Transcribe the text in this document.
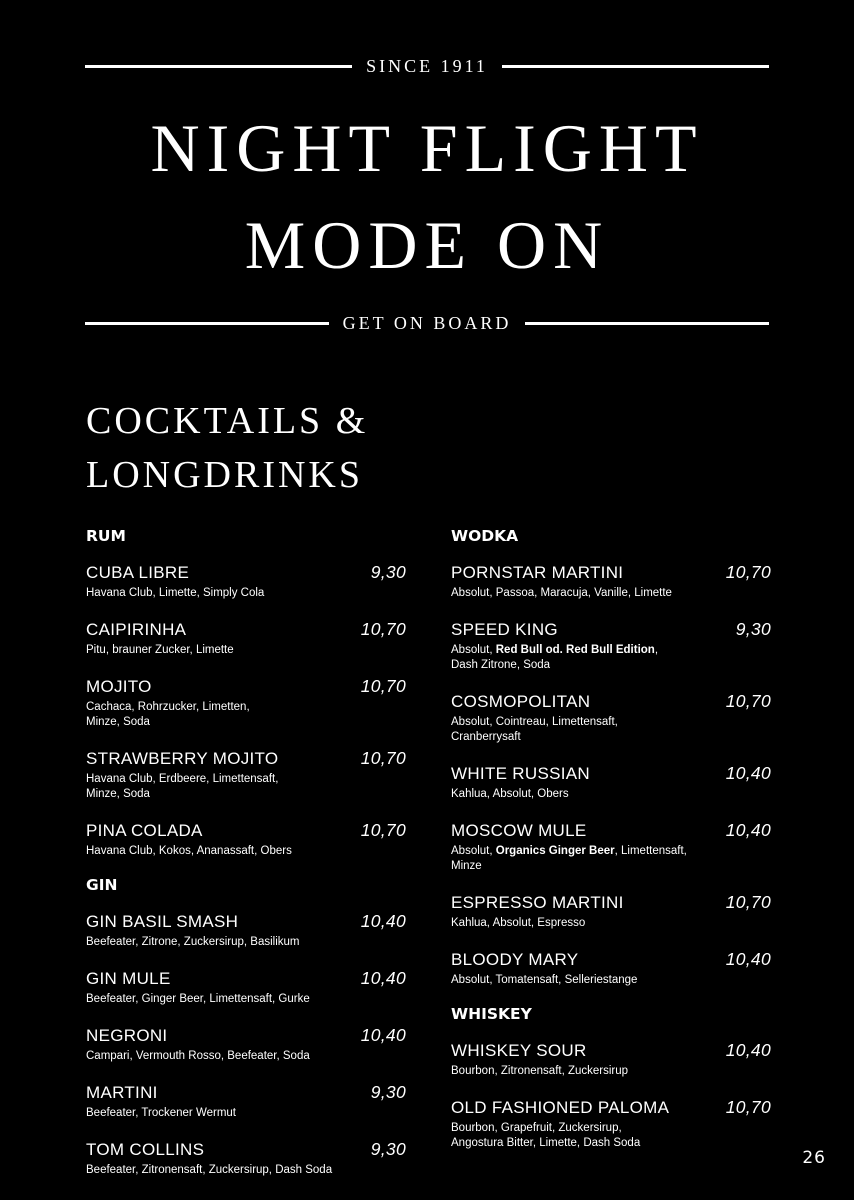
SINCE 1911
NIGHT FLIGHT
MODE ON
GET ON BOARD
COCKTAILS &
LONGDRINKS
RUM
CUBA LIBRE	9,30
Havana Club, Limette, Simply Cola
CAIPIRINHA	10,70
Pitu, brauner Zucker, Limette
MOJITO	10,70
Cachaca, Rohrzucker, Limetten,
Minze, Soda
STRAWBERRY MOJITO	10,70
Havana Club, Erdbeere, Limettensaft,
Minze, Soda
PINA COLADA	10,70
Havana Club, Kokos, Ananassaft, Obers
GIN
GIN BASIL SMASH	10,40
Beefeater, Zitrone, Zuckersirup, Basilikum
GIN MULE	10,40
Beefeater, Ginger Beer, Limettensaft, Gurke
NEGRONI	10,40
Campari, Vermouth Rosso, Beefeater, Soda
MARTINI	9,30
Beefeater, Trockener Wermut
TOM COLLINS	9,30
Beefeater, Zitronensaft, Zuckersirup, Dash Soda
WODKA
PORNSTAR MARTINI	10,70
Absolut, Passoa, Maracuja, Vanille, Limette
SPEED KING	9,30
Absolut, Red Bull od. Red Bull Edition,
Dash Zitrone, Soda
COSMOPOLITAN	10,70
Absolut, Cointreau, Limettensaft,
Cranberrysaft
WHITE RUSSIAN	10,40
Kahlua, Absolut, Obers
MOSCOW MULE	10,40
Absolut, Organics Ginger Beer, Limettensaft,
Minze
ESPRESSO MARTINI	10,70
Kahlua, Absolut, Espresso
BLOODY MARY	10,40
Absolut, Tomatensaft, Selleriestange
WHISKEY
WHISKEY SOUR	10,40
Bourbon, Zitronensaft, Zuckersirup
OLD FASHIONED PALOMA	10,70
Bourbon, Grapefruit, Zuckersirup,
Angostura Bitter, Limette, Dash Soda
26
